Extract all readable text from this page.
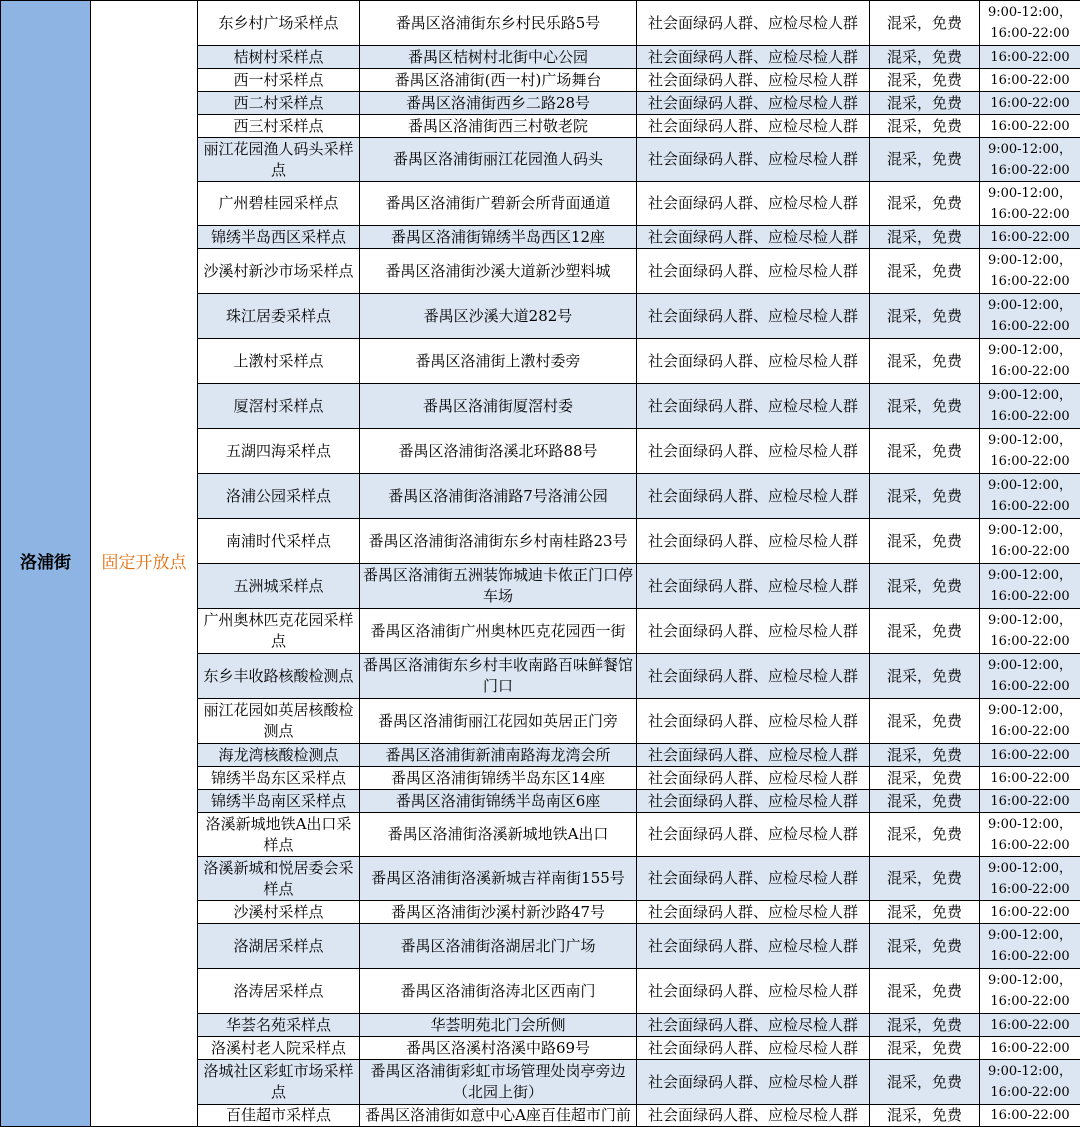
洛浦街	固定开放点	东乡村广场采样点	番禺区洛浦街东乡村民乐路5号	社会面绿码人群、应检尽检人群	混采，免费	9:00-12:00，
16:00-22:00
		桔树村采样点	番禺区桔树村北街中心公园	社会面绿码人群、应检尽检人群	混采，免费	16:00-22:00
		西一村采样点	番禺区洛浦街(西一村)广场舞台	社会面绿码人群、应检尽检人群	混采，免费	16:00-22:00
		西二村采样点	番禺区洛浦街西乡二路28号	社会面绿码人群、应检尽检人群	混采，免费	16:00-22:00
		西三村采样点	番禺区洛浦街西三村敬老院	社会面绿码人群、应检尽检人群	混采，免费	16:00-22:00
		丽江花园渔人码头采样点	番禺区洛浦街丽江花园渔人码头	社会面绿码人群、应检尽检人群	混采，免费	9:00-12:00，
16:00-22:00
		广州碧桂园采样点	番禺区洛浦街广碧新会所背面通道	社会面绿码人群、应检尽检人群	混采，免费	9:00-12:00，
16:00-22:00
		锦绣半岛西区采样点	番禺区洛浦街锦绣半岛西区12座	社会面绿码人群、应检尽检人群	混采，免费	16:00-22:00
		沙溪村新沙市场采样点	番禺区洛浦街沙溪大道新沙塑料城	社会面绿码人群、应检尽检人群	混采，免费	9:00-12:00，
16:00-22:00
		珠江居委采样点	番禺区沙溪大道282号	社会面绿码人群、应检尽检人群	混采，免费	9:00-12:00，
16:00-22:00
		上漖村采样点	番禺区洛浦街上漖村委旁	社会面绿码人群、应检尽检人群	混采，免费	9:00-12:00，
16:00-22:00
		厦滘村采样点	番禺区洛浦街厦滘村委	社会面绿码人群、应检尽检人群	混采，免费	9:00-12:00，
16:00-22:00
		五湖四海采样点	番禺区洛浦街洛溪北环路88号	社会面绿码人群、应检尽检人群	混采，免费	9:00-12:00，
16:00-22:00
		洛浦公园采样点	番禺区洛浦街洛浦路7号洛浦公园	社会面绿码人群、应检尽检人群	混采，免费	9:00-12:00，
16:00-22:00
		南浦时代采样点	番禺区洛浦街洛浦街东乡村南桂路23号	社会面绿码人群、应检尽检人群	混采，免费	9:00-12:00，
16:00-22:00
		五洲城采样点	番禺区洛浦街五洲装饰城迪卡侬正门口停车场	社会面绿码人群、应检尽检人群	混采，免费	9:00-12:00，
16:00-22:00
		广州奥林匹克花园采样点	番禺区洛浦街广州奥林匹克花园西一街	社会面绿码人群、应检尽检人群	混采，免费	9:00-12:00，
16:00-22:00
		东乡丰收路核酸检测点	番禺区洛浦街东乡村丰收南路百味鲜餐馆门口	社会面绿码人群、应检尽检人群	混采，免费	9:00-12:00，
16:00-22:00
		丽江花园如英居核酸检测点	番禺区洛浦街丽江花园如英居正门旁	社会面绿码人群、应检尽检人群	混采，免费	9:00-12:00，
16:00-22:00
		海龙湾核酸检测点	番禺区洛浦街新浦南路海龙湾会所	社会面绿码人群、应检尽检人群	混采，免费	16:00-22:00
		锦绣半岛东区采样点	番禺区洛浦街锦绣半岛东区14座	社会面绿码人群、应检尽检人群	混采，免费	16:00-22:00
		锦绣半岛南区采样点	番禺区洛浦街锦绣半岛南区6座	社会面绿码人群、应检尽检人群	混采，免费	16:00-22:00
		洛溪新城地铁A出口采样点	番禺区洛浦街洛溪新城地铁A出口	社会面绿码人群、应检尽检人群	混采，免费	9:00-12:00，
16:00-22:00
		洛溪新城和悦居委会采样点	番禺区洛浦街洛溪新城吉祥南街155号	社会面绿码人群、应检尽检人群	混采，免费	9:00-12:00，
16:00-22:00
		沙溪村采样点	番禺区洛浦街沙溪村新沙路47号	社会面绿码人群、应检尽检人群	混采，免费	16:00-22:00
		洛湖居采样点	番禺区洛浦街洛湖居北门广场	社会面绿码人群、应检尽检人群	混采，免费	9:00-12:00，
16:00-22:00
		洛涛居采样点	番禺区洛浦街洛涛北区西南门	社会面绿码人群、应检尽检人群	混采，免费	9:00-12:00，
16:00-22:00
		华荟名苑采样点	华荟明苑北门会所侧	社会面绿码人群、应检尽检人群	混采，免费	16:00-22:00
		洛溪村老人院采样点	番禺区洛溪村洛溪中路69号	社会面绿码人群、应检尽检人群	混采，免费	16:00-22:00
		洛城社区彩虹市场采样点	番禺区洛浦街彩虹市场管理处岗亭旁边（北园上街）	社会面绿码人群、应检尽检人群	混采，免费	9:00-12:00，
16:00-22:00
		百佳超市采样点	番禺区洛浦街如意中心A座百佳超市门前	社会面绿码人群、应检尽检人群	混采，免费	16:00-22:00
